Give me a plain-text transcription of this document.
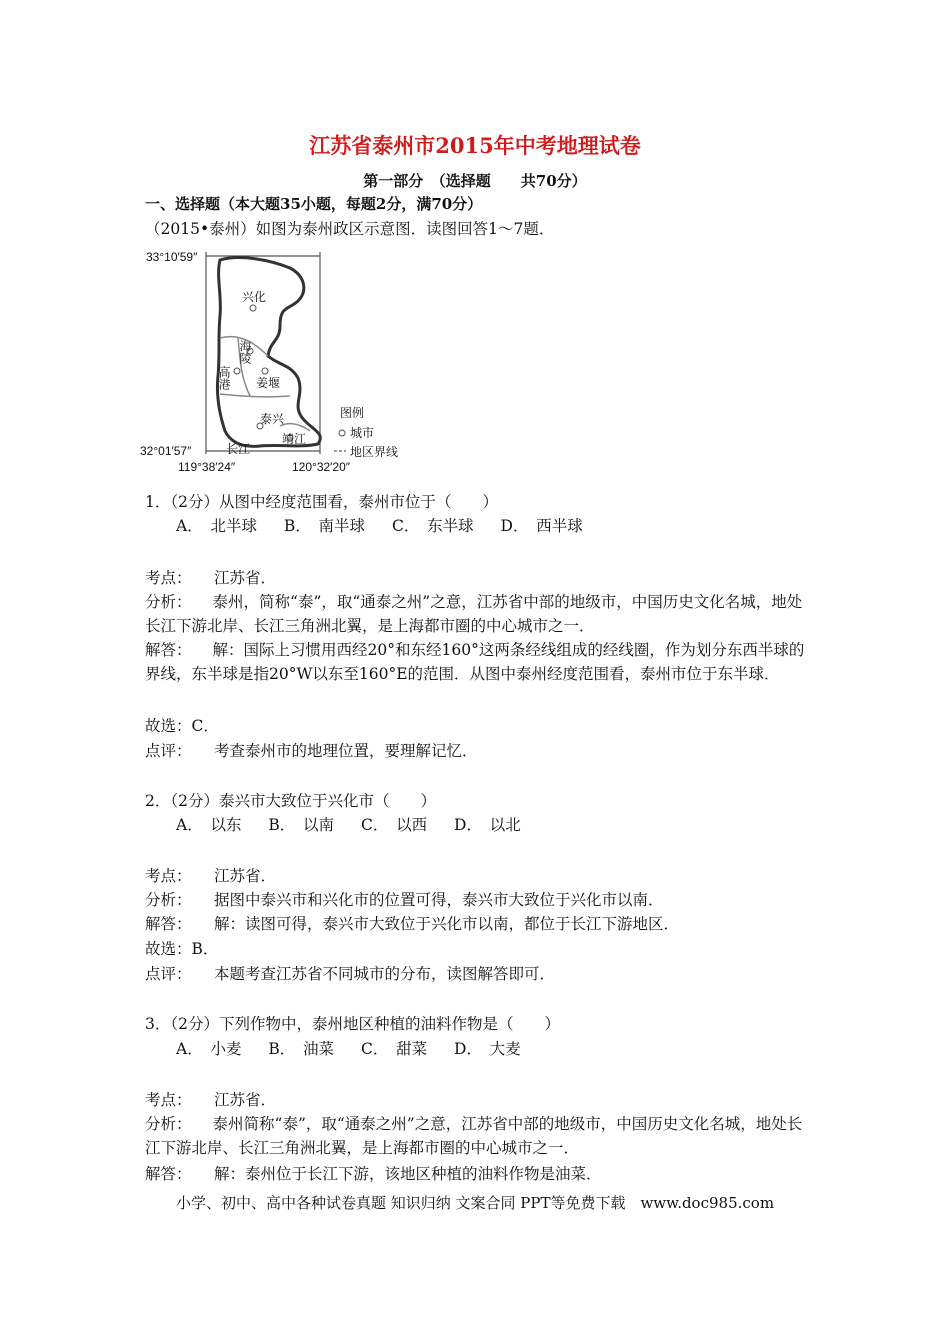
江苏省泰州市2015年中考地理试卷
第一部分　（选择题　　共70分）
一、选择题（本大题35小题，每题2分，满70分）
（2015•泰州）如图为泰州政区示意图．读图回答1～7题．
33°10′59″
32°01′57″
119°38′24″	120°32′20″
兴化
海陵
高港 姜堰
泰兴
靖江
长江
图例
城市
地区界线
1．（2分）从图中经度范围看，泰州市位于（　　）
A．　北半球 B．　南半球 C．　东半球 D．　西半球
考点： 江苏省．
分析： 泰州，简称“泰”，取“通泰之州”之意，江苏省中部的地级市，中国历史文化名城，地处长江下游北岸、长江三角洲北翼，是上海都市圈的中心城市之一．
解答： 解：国际上习惯用西经20°和东经160°这两条经线组成的经线圈，作为划分东西半球的界线，东半球是指20°W以东至160°E的范围．从图中泰州经度范围看，泰州市位于东半球．
故选：C．
点评： 考查泰州市的地理位置，要理解记忆．
2．（2分）泰兴市大致位于兴化市（　　）
A．　以东 B．　以南 C．　以西 D．　以北
考点： 江苏省．
分析： 据图中泰兴市和兴化市的位置可得，泰兴市大致位于兴化市以南．
解答： 解：读图可得，泰兴市大致位于兴化市以南，都位于长江下游地区．
故选：B．
点评： 本题考查江苏省不同城市的分布，读图解答即可．
3．（2分）下列作物中，泰州地区种植的油料作物是（　　）
A．　小麦 B．　油菜 C．　甜菜 D．　大麦
考点： 江苏省．
分析： 泰州简称“泰”，取“通泰之州”之意，江苏省中部的地级市，中国历史文化名城，地处长江下游北岸、长江三角洲北翼，是上海都市圈的中心城市之一．
解答： 解：泰州位于长江下游，该地区种植的油料作物是油菜．
小学、初中、高中各种试卷真题 知识归纳 文案合同 PPT等免费下载　www.doc985.com
